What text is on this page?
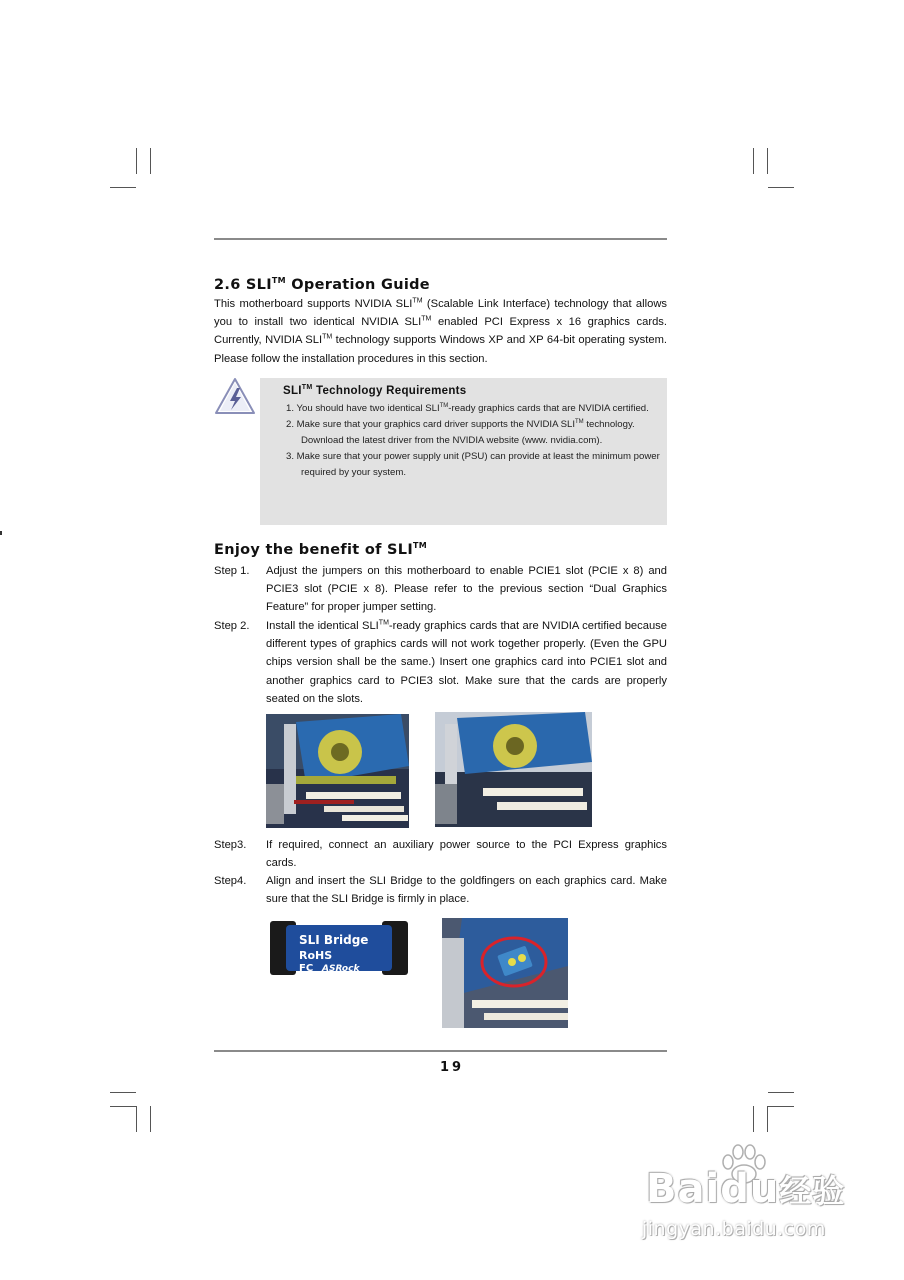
2.6 SLI™ Operation Guide

This motherboard supports NVIDIA SLI™ (Scalable Link Interface) technology that allows you to install two identical NVIDIA SLI™ enabled PCI Express x 16 graphics cards. Currently, NVIDIA SLI™ technology supports Windows XP and XP 64-bit operating system. Please follow the installation procedures in this section.

SLI™ Technology Requirements
1. You should have two identical SLI™-ready graphics cards that are NVIDIA certified.
2. Make sure that your graphics card driver supports the NVIDIA SLI™ technology. Download the latest driver from the NVIDIA website (www. nvidia.com).
3. Make sure that your power supply unit (PSU) can provide at least the minimum power required by your system.
Enjoy the benefit of SLI™
Step 1.	Adjust the jumpers on this motherboard to enable PCIE1 slot (PCIE x 8) and PCIE3 slot (PCIE x 8). Please refer to the previous section “Dual Graphics Feature” for proper jumper setting.
Step 2.	Install the identical SLI™-ready graphics cards that are NVIDIA certified because different types of graphics cards will not work together properly. (Even the GPU chips version shall be the same.) Insert one graphics card into PCIE1 slot and another graphics card to PCIE3 slot. Make sure that the cards are properly seated on the slots.
Step3.	If required, connect an auxiliary power source to the PCI Express graphics cards.
Step4.	Align and insert the SLI Bridge to the goldfingers on each graphics card. Make sure that the SLI Bridge is firmly in place.
SLI Bridge
RoHS
FC ASRock
19
Baidu经验
jingyan.baidu.com
